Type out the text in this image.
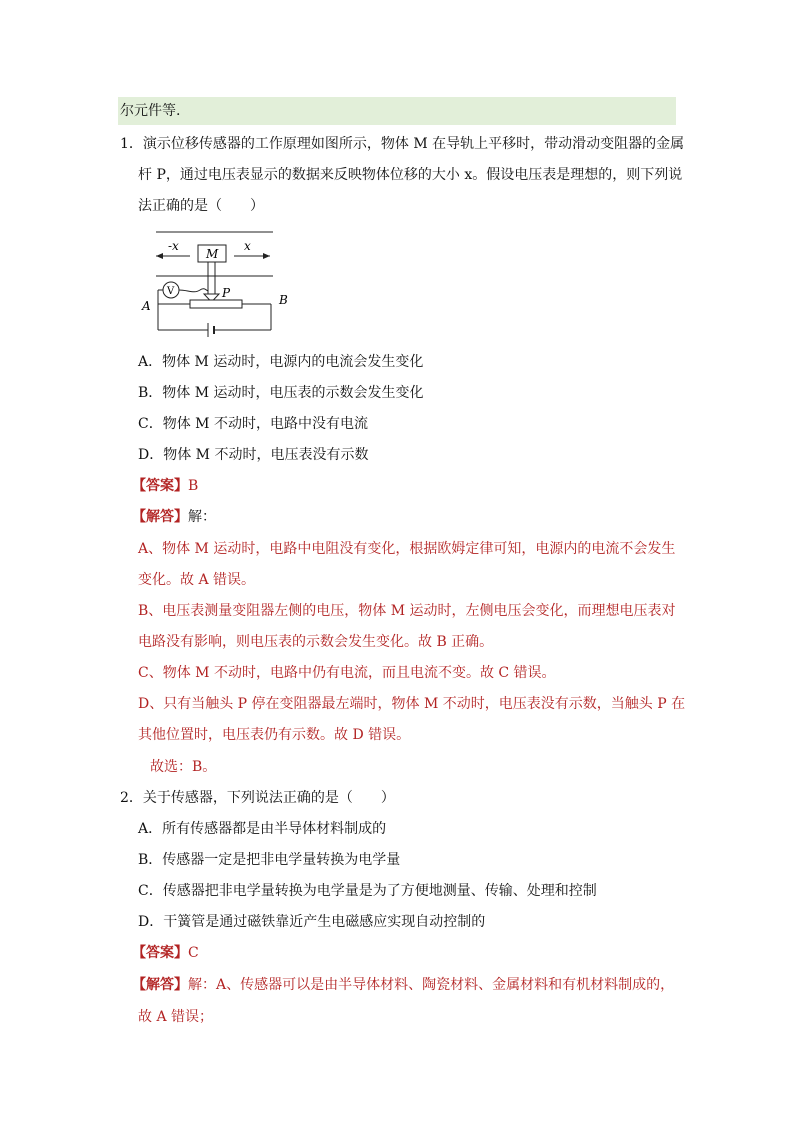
尔元件等.
1．演示位移传感器的工作原理如图所示，物体 M 在导轨上平移时，带动滑动变阻器的金属
杆 P，通过电压表显示的数据来反映物体位移的大小 x。假设电压表是理想的，则下列说
法正确的是（　　）
-x	x
M
P
V
A	B
A．物体 M 运动时，电源内的电流会发生变化
B．物体 M 运动时，电压表的示数会发生变化
C．物体 M 不动时，电路中没有电流
D．物体 M 不动时，电压表没有示数
【答案】B
【解答】解：
A、物体 M 运动时，电路中电阻没有变化，根据欧姆定律可知，电源内的电流不会发生
变化。故 A 错误。
B、电压表测量变阻器左侧的电压，物体 M 运动时，左侧电压会变化，而理想电压表对
电路没有影响，则电压表的示数会发生变化。故 B 正确。
C、物体 M 不动时，电路中仍有电流，而且电流不变。故 C 错误。
D、只有当触头 P 停在变阻器最左端时，物体 M 不动时，电压表没有示数，当触头 P 在
其他位置时，电压表仍有示数。故 D 错误。
故选：B。
2．关于传感器，下列说法正确的是（　　）
A．所有传感器都是由半导体材料制成的
B．传感器一定是把非电学量转换为电学量
C．传感器把非电学量转换为电学量是为了方便地测量、传输、处理和控制
D．干簧管是通过磁铁靠近产生电磁感应实现自动控制的
【答案】C
【解答】解：A、传感器可以是由半导体材料、陶瓷材料、金属材料和有机材料制成的，
故 A 错误；
